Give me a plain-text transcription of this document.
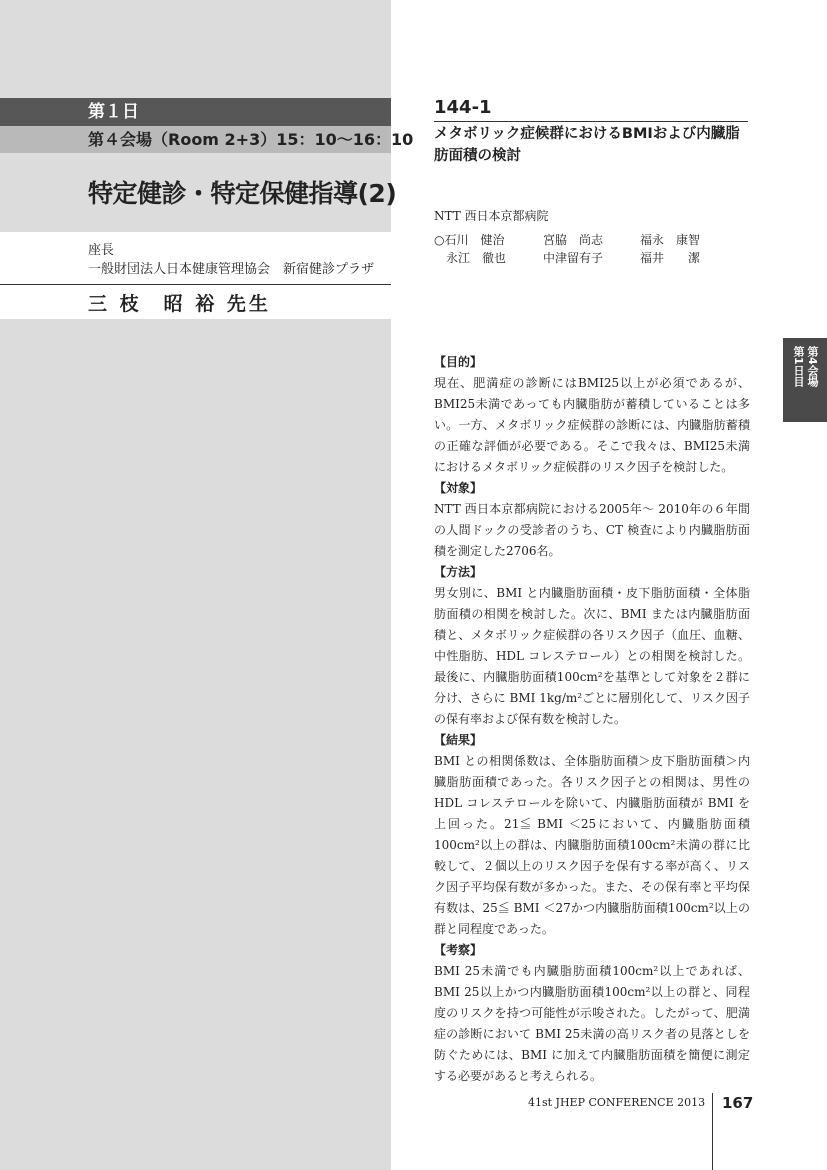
第１日
第４会場（Room 2+3）15：10〜16：10
特定健診・特定保健指導(2)
座長
一般財団法人日本健康管理協会　新宿健診プラザ
三 枝　昭 裕 先生
144-1
メタボリック症候群におけるBMIおよび内臓脂肪面積の検討
NTT 西日本京都病院
○石川　健治	宮脇　尚志	福永　康智
　永江　徹也	中津留有子	福井　　潔
第1日目 第4会場
【目的】

現在、肥満症の診断にはBMI25以上が必須であるが、BMI25未満であっても内臓脂肪が蓄積していることは多い。一方、メタボリック症候群の診断には、内臓脂肪蓄積の正確な評価が必要である。そこで我々は、BMI25未満におけるメタボリック症候群のリスク因子を検討した。

【対象】

NTT 西日本京都病院における2005年〜 2010年の６年間の人間ドックの受診者のうち、CT 検査により内臓脂肪面積を測定した2706名。

【方法】

男女別に、BMI と内臓脂肪面積・皮下脂肪面積・全体脂肪面積の相関を検討した。次に、BMI または内臓脂肪面積と、メタボリック症候群の各リスク因子（血圧、血糖、中性脂肪、HDL コレステロール）との相関を検討した。最後に、内臓脂肪面積100cm²を基準として対象を２群に分け、さらに BMI 1kg/m²ごとに層別化して、リスク因子の保有率および保有数を検討した。

【結果】

BMI との相関係数は、全体脂肪面積＞皮下脂肪面積＞内臓脂肪面積であった。各リスク因子との相関は、男性の HDL コレステロールを除いて、内臓脂肪面積が BMI を上回った。21≦ BMI ＜25において、内臓脂肪面積100cm²以上の群は、内臓脂肪面積100cm²未満の群に比較して、２個以上のリスク因子を保有する率が高く、リスク因子平均保有数が多かった。また、その保有率と平均保有数は、25≦ BMI ＜27かつ内臓脂肪面積100cm²以上の群と同程度であった。

【考察】

BMI 25未満でも内臓脂肪面積100cm²以上であれば、BMI 25以上かつ内臓脂肪面積100cm²以上の群と、同程度のリスクを持つ可能性が示唆された。したがって、肥満症の診断において BMI 25未満の高リスク者の見落としを防ぐためには、BMI に加えて内臓脂肪面積を簡便に測定する必要があると考えられる。

41st JHEP CONFERENCE 2013 167
